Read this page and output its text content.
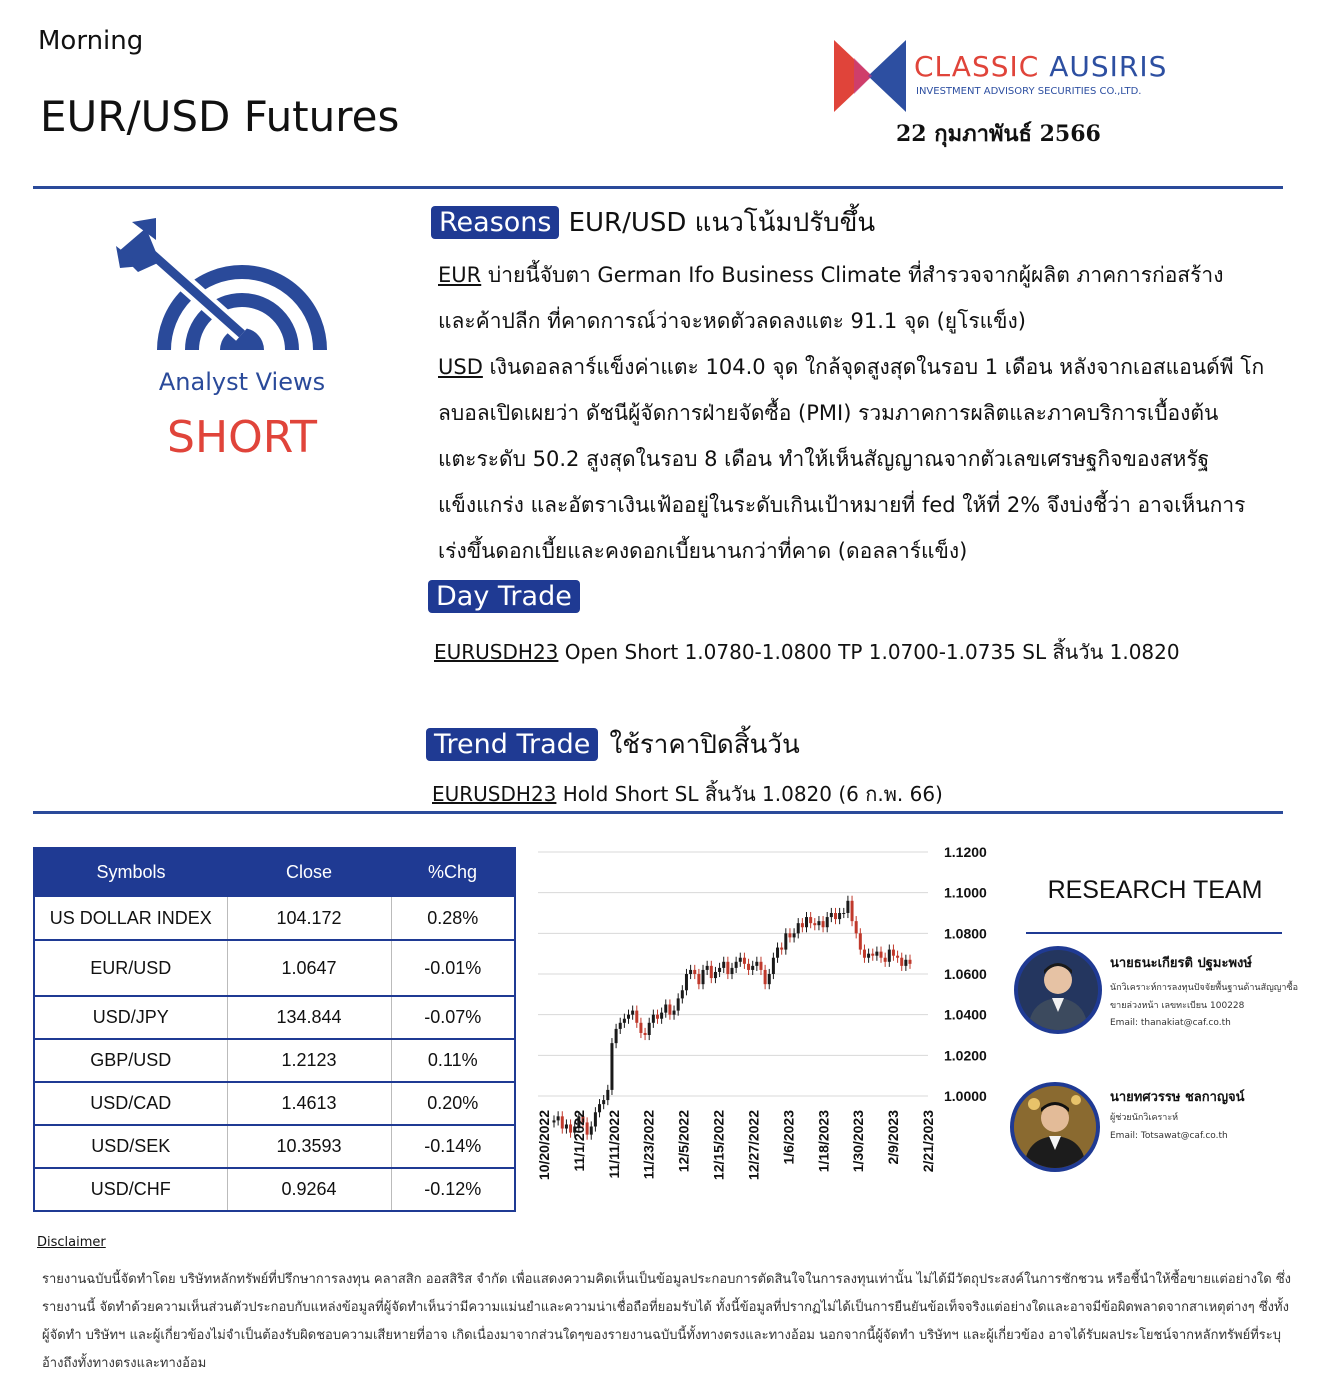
Morning
EUR/USD Futures
CLASSIC AUSIRIS
INVESTMENT ADVISORY SECURITIES CO.,LTD.
22 กุมภาพันธ์ 2566
Analyst Views
SHORT
Reasons EUR/USD แนวโน้มปรับขึ้น
EUR บ่ายนี้จับตา German Ifo Business Climate ที่สำรวจจากผู้ผลิต ภาคการก่อสร้าง
และค้าปลีก ที่คาดการณ์ว่าจะหดตัวลดลงแตะ 91.1 จุด (ยูโรแข็ง)
USD เงินดอลลาร์แข็งค่าแตะ 104.0 จุด ใกล้จุดสูงสุดในรอบ 1 เดือน หลังจากเอสแอนด์พี โก
ลบอลเปิดเผยว่า ดัชนีผู้จัดการฝ่ายจัดซื้อ (PMI) รวมภาคการผลิตและภาคบริการเบื้องต้น
แตะระดับ 50.2 สูงสุดในรอบ 8 เดือน ทำให้เห็นสัญญาณจากตัวเลขเศรษฐกิจของสหรัฐ
แข็งแกร่ง และอัตราเงินเฟ้ออยู่ในระดับเกินเป้าหมายที่ fed ให้ที่ 2% จึงบ่งชี้ว่า อาจเห็นการ
เร่งขึ้นดอกเบี้ยและคงดอกเบี้ยนานกว่าที่คาด (ดอลลาร์แข็ง)
Day Trade
EURUSDH23 Open Short 1.0780-1.0800 TP 1.0700-1.0735 SL สิ้นวัน 1.0820
Trend Trade ใช้ราคาปิดสิ้นวัน
EURUSDH23 Hold Short SL สิ้นวัน 1.0820 (6 ก.พ. 66)
Symbols	Close	%Chg
US DOLLAR INDEX	104.172	0.28%
EUR/USD	1.0647	-0.01%
USD/JPY	134.844	-0.07%
GBP/USD	1.2123	0.11%
USD/CAD	1.4613	0.20%
USD/SEK	10.3593	-0.14%
USD/CHF	0.9264	-0.12%
1.1200
1.1000
1.0800
1.0600
1.0400
1.0200
1.0000
10/20/2022 11/1/2022 11/11/2022 11/23/2022 12/5/2022 12/15/2022 12/27/2022 1/6/2023 1/18/2023 1/30/2023 2/9/2023 2/21/2023
RESEARCH TEAM
นายธนะเกียรติ ปฐมะพงษ์
นักวิเคราะห์การลงทุนปัจจัยพื้นฐานด้านสัญญาซื้อ
ขายล่วงหน้า เลขทะเบียน 100228
Email: thanakiat@caf.co.th
นายทศวรรษ ชลกาญจน์
ผู้ช่วยนักวิเคราะห์
Email: Totsawat@caf.co.th
Disclaimer
รายงานฉบับนี้จัดทำโดย บริษัทหลักทรัพย์ที่ปรึกษาการลงทุน คลาสสิก ออสสิริส จำกัด เพื่อแสดงความคิดเห็นเป็นข้อมูลประกอบการตัดสินใจในการลงทุนเท่านั้น ไม่ได้มีวัตถุประสงค์ในการชักชวน หรือชี้นำให้ซื้อขายแต่อย่างใด ซึ่งรายงานนี้ จัดทำด้วยความเห็นส่วนตัวประกอบกับแหล่งข้อมูลที่ผู้จัดทำเห็นว่ามีความแม่นยำและความน่าเชื่อถือที่ยอมรับได้ ทั้งนี้ข้อมูลที่ปรากฏไม่ได้เป็นการยืนยันข้อเท็จจริงแต่อย่างใดและอาจมีข้อผิดพลาดจากสาเหตุต่างๆ ซึ่งทั้งผู้จัดทำ บริษัทฯ และผู้เกี่ยวข้องไม่จำเป็นต้องรับผิดชอบความเสียหายที่อาจ เกิดเนื่องมาจากส่วนใดๆของรายงานฉบับนี้ทั้งทางตรงและทางอ้อม นอกจากนี้ผู้จัดทำ บริษัทฯ และผู้เกี่ยวข้อง อาจได้รับผลประโยชน์จากหลักทรัพย์ที่ระบุอ้างถึงทั้งทางตรงและทางอ้อม
